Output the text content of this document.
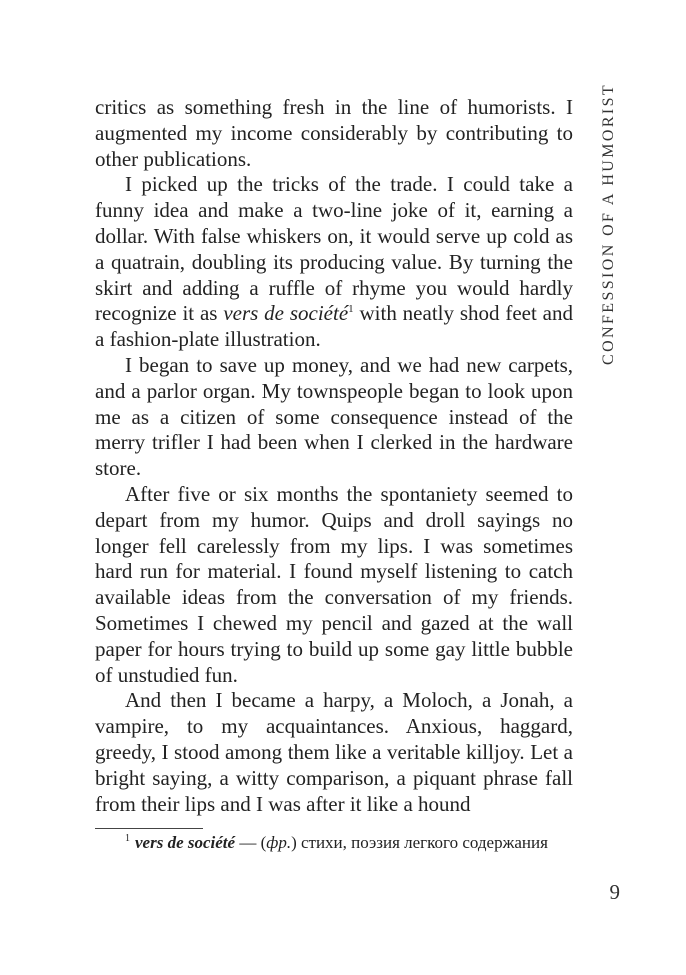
CONFESSION OF A HUMORIST

critics as something fresh in the line of humorists. I augmented my income considerably by contributing to other publications.

I picked up the tricks of the trade. I could take a funny idea and make a two-line joke of it, earning a dollar. With false whiskers on, it would serve up cold as a quatrain, doubling its producing value. By turning the skirt and adding a ruffle of rhyme you would hardly recognize it as vers de société$^1$ with neatly shod feet and a fashion-plate illustration.

I began to save up money, and we had new carpets, and a parlor organ. My townspeople began to look upon me as a citizen of some consequence instead of the merry trifler I had been when I clerked in the hardware store.

After five or six months the spontaniety seemed to depart from my humor. Quips and droll sayings no longer fell carelessly from my lips. I was sometimes hard run for material. I found myself listening to catch available ideas from the conversation of my friends. Sometimes I chewed my pencil and gazed at the wall paper for hours trying to build up some gay little bubble of unstudied fun.

And then I became a harpy, a Moloch, a Jonah, a vampire, to my acquaintances. Anxious, haggard, greedy, I stood among them like a veritable killjoy. Let a bright saying, a witty comparison, a piquant phrase fall from their lips and I was after it like a hound

$^1$ vers de société — (фр.) стихи, поэзия легкого содержания

9
